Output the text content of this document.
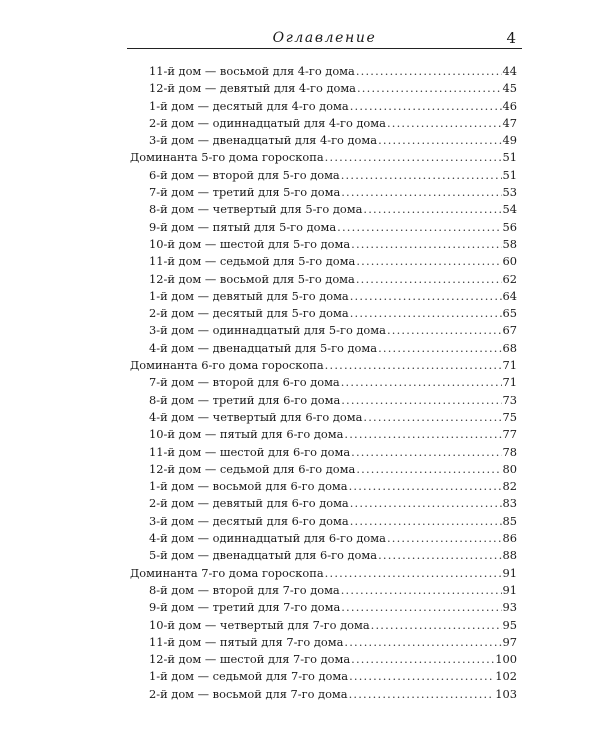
Оглавление	4
11-й дом — восьмой для 4-го дома .....	44
12-й дом — девятый для 4-го дома .....	45
1-й дом — десятый для 4-го дома .....	46
2-й дом — одиннадцатый для 4-го дома .....	47
3-й дом — двенадцатый для 4-го дома .....	49
Доминанта 5-го дома гороскопа .....	51
6-й дом — второй для 5-го дома .....	51
7-й дом — третий для 5-го дома .....	53
8-й дом — четвертый для 5-го дома .....	54
9-й дом — пятый для 5-го дома .....	56
10-й дом — шестой для 5-го дома .....	58
11-й дом — седьмой для 5-го дома .....	60
12-й дом — восьмой для 5-го дома .....	62
1-й дом — девятый для 5-го дома .....	64
2-й дом — десятый для 5-го дома .....	65
3-й дом — одиннадцатый для 5-го дома .....	67
4-й дом — двенадцатый для 5-го дома .....	68
Доминанта 6-го дома гороскопа .....	71
7-й дом — второй для 6-го дома .....	71
8-й дом — третий для 6-го дома .....	73
4-й дом — четвертый для 6-го дома .....	75
10-й дом — пятый для 6-го дома .....	77
11-й дом — шестой для 6-го дома .....	78
12-й дом — седьмой для 6-го дома .....	80
1-й дом — восьмой для 6-го дома .....	82
2-й дом — девятый для 6-го дома .....	83
3-й дом — десятый для 6-го дома .....	85
4-й дом — одиннадцатый для 6-го дома .....	86
5-й дом — двенадцатый для 6-го дома .....	88
Доминанта 7-го дома гороскопа .....	91
8-й дом — второй для 7-го дома .....	91
9-й дом — третий для 7-го дома .....	93
10-й дом — четвертый для 7-го дома .....	95
11-й дом — пятый для 7-го дома .....	97
12-й дом — шестой для 7-го дома .....	100
1-й дом — седьмой для 7-го дома .....	102
2-й дом — восьмой для 7-го дома .....	103
